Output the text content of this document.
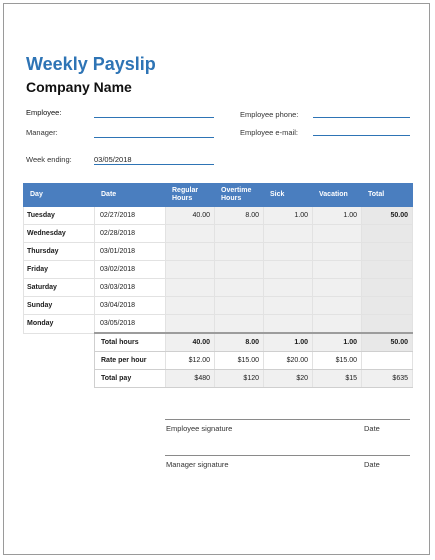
Weekly Payslip
Company Name
Employee:
Manager:
Week ending:	03/05/2018
Employee phone:
Employee e-mail:
Day	Date	Regular Hours	Overtime Hours	Sick	Vacation	Total
Tuesday	02/27/2018	40.00	8.00	1.00	1.00	50.00
Wednesday	02/28/2018					
Thursday	03/01/2018					
Friday	03/02/2018					
Saturday	03/03/2018					
Sunday	03/04/2018					
Monday	03/05/2018					
	Total hours	40.00	8.00	1.00	1.00	50.00
	Rate per hour	$12.00	$15.00	$20.00	$15.00	
	Total pay	$480	$120	$20	$15	$635
Employee signature	Date
Manager signature	Date
